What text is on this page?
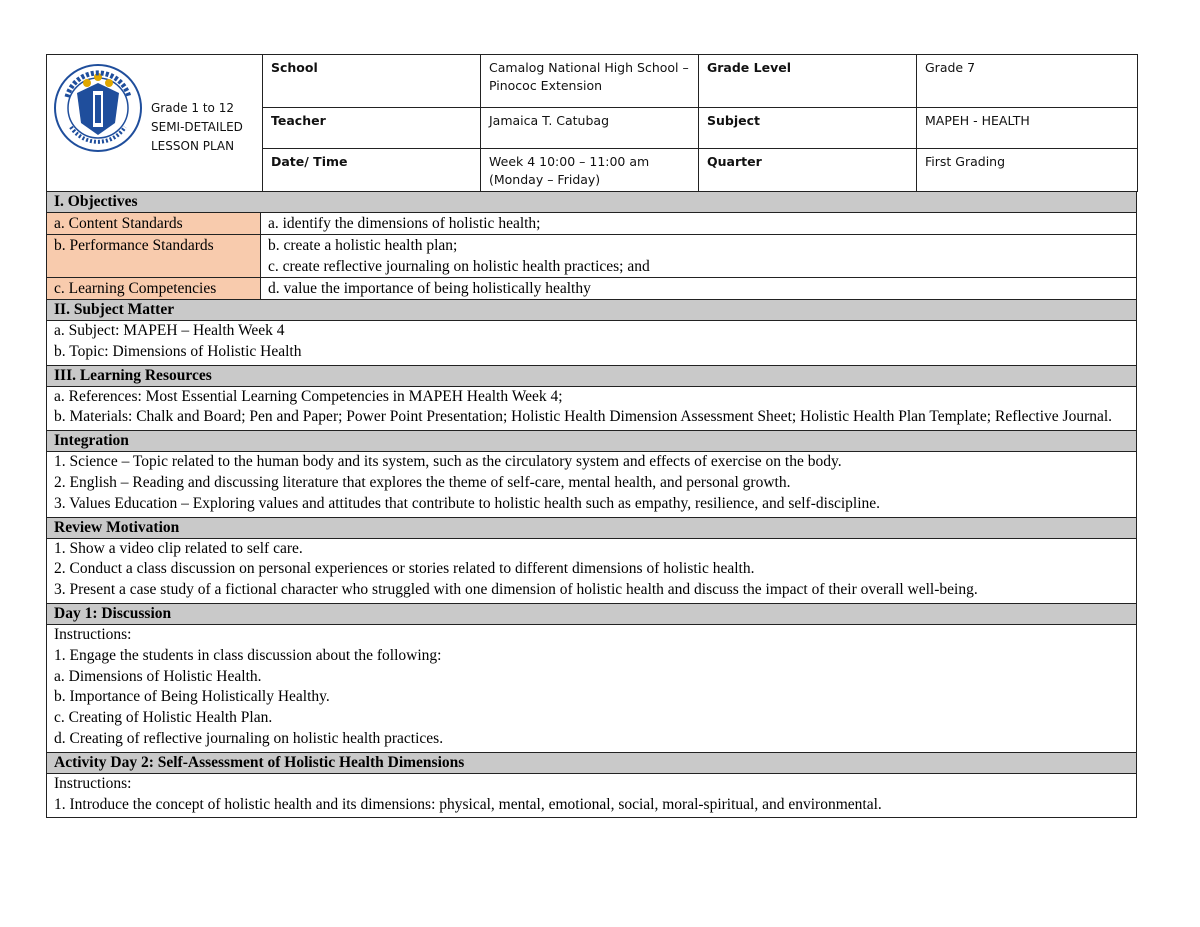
Grade 1 to 12
SEMI-DETAILED
LESSON PLAN	School	Camalog National High School – Pinococ Extension	Grade Level	Grade 7
	Teacher	Jamaica T. Catubag	Subject	MAPEH - HEALTH
	Date/ Time	Week 4 10:00 – 11:00 am (Monday – Friday)	Quarter	First Grading
I. Objectives
a. Content Standards	a. identify the dimensions of holistic health;
b. Performance Standards	b. create a holistic health plan;
c. create reflective journaling on holistic health practices; and
c. Learning Competencies	d. value the importance of being holistically healthy
II. Subject Matter
a. Subject: MAPEH – Health Week 4
b. Topic: Dimensions of Holistic Health
III. Learning Resources
a. References: Most Essential Learning Competencies in MAPEH Health Week 4;
b. Materials: Chalk and Board; Pen and Paper; Power Point Presentation; Holistic Health Dimension Assessment Sheet; Holistic Health Plan Template; Reflective Journal.
Integration
1. Science – Topic related to the human body and its system, such as the circulatory system and effects of exercise on the body.
2. English – Reading and discussing literature that explores the theme of self-care, mental health, and personal growth.
3. Values Education – Exploring values and attitudes that contribute to holistic health such as empathy, resilience, and self-discipline.
Review Motivation
1. Show a video clip related to self care.
2. Conduct a class discussion on personal experiences or stories related to different dimensions of holistic health.
3. Present a case study of a fictional character who struggled with one dimension of holistic health and discuss the impact of their overall well-being.
Day 1: Discussion
Instructions:
1. Engage the students in class discussion about the following:
a. Dimensions of Holistic Health.
b. Importance of Being Holistically Healthy.
c. Creating of Holistic Health Plan.
d. Creating of reflective journaling on holistic health practices.
Activity Day 2: Self-Assessment of Holistic Health Dimensions
Instructions:
1. Introduce the concept of holistic health and its dimensions: physical, mental, emotional, social, moral-spiritual, and environmental.
